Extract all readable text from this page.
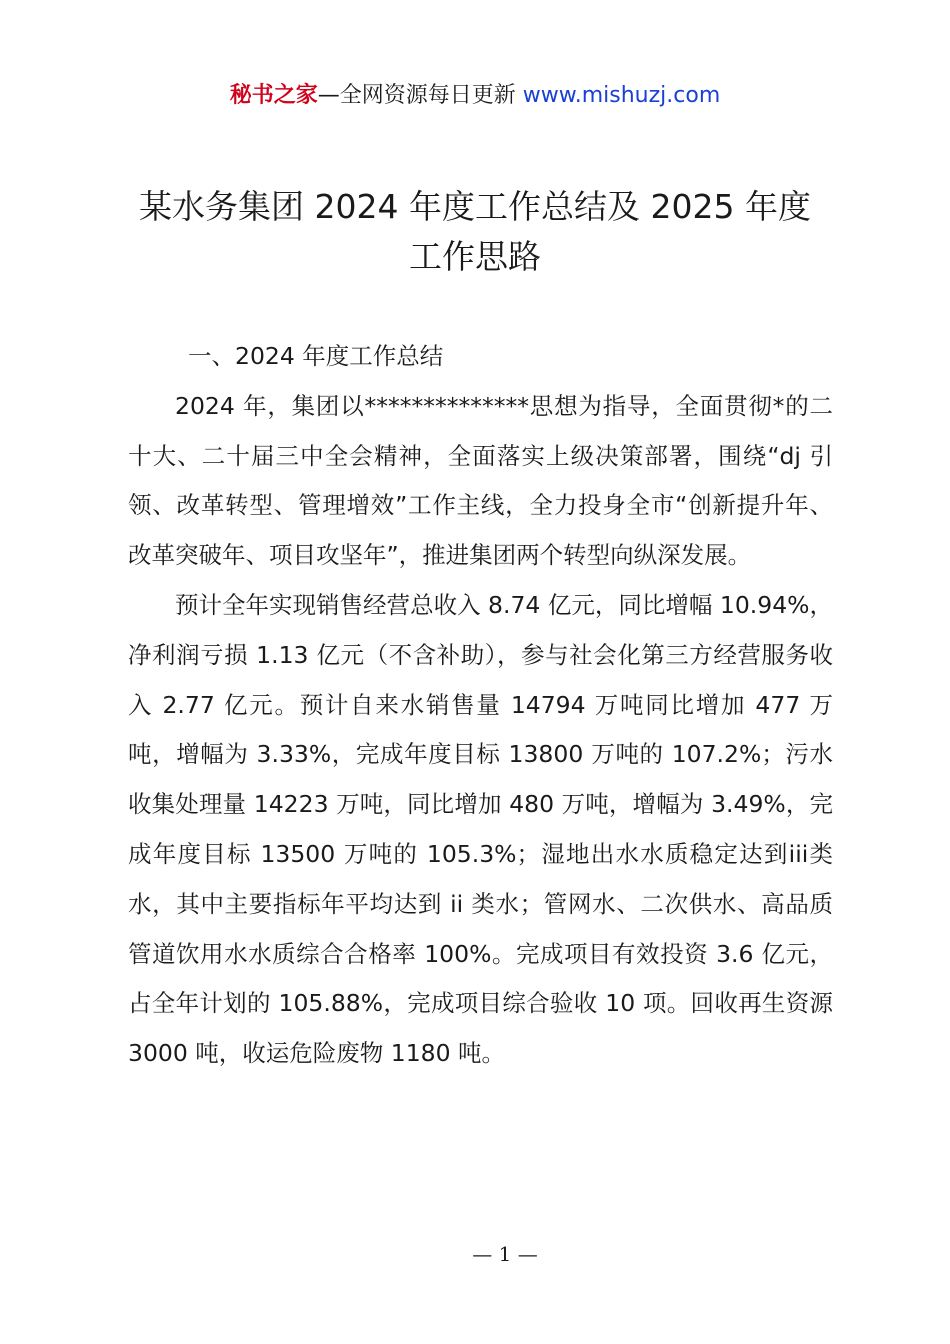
秘书之家—全网资源每日更新 www.mishuzj.com
某水务集团 2024 年度工作总结及 2025 年度
工作思路
一、2024 年度工作总结

2024 年，集团以**************思想为指导，全面贯彻*的二十大、二十届三中全会精神，全面落实上级决策部署，围绕“dj 引领、改革转型、管理增效”工作主线，全力投身全市“创新提升年、改革突破年、项目攻坚年”，推进集团两个转型向纵深发展。

预计全年实现销售经营总收入 8.74 亿元，同比增幅 10.94%，净利润亏损 1.13 亿元（不含补助），参与社会化第三方经营服务收入 2.77 亿元。预计自来水销售量 14794 万吨同比增加 477 万吨，增幅为 3.33%，完成年度目标 13800 万吨的 107.2%；污水收集处理量 14223 万吨，同比增加 480 万吨，增幅为 3.49%，完成年度目标 13500 万吨的 105.3%；湿地出水水质稳定达到iii类水，其中主要指标年平均达到 ii 类水；管网水、二次供水、高品质管道饮用水水质综合合格率 100%。完成项目有效投资 3.6 亿元，占全年计划的 105.88%，完成项目综合验收 10 项。回收再生资源 3000 吨，收运危险废物 1180 吨。

— 1 —
